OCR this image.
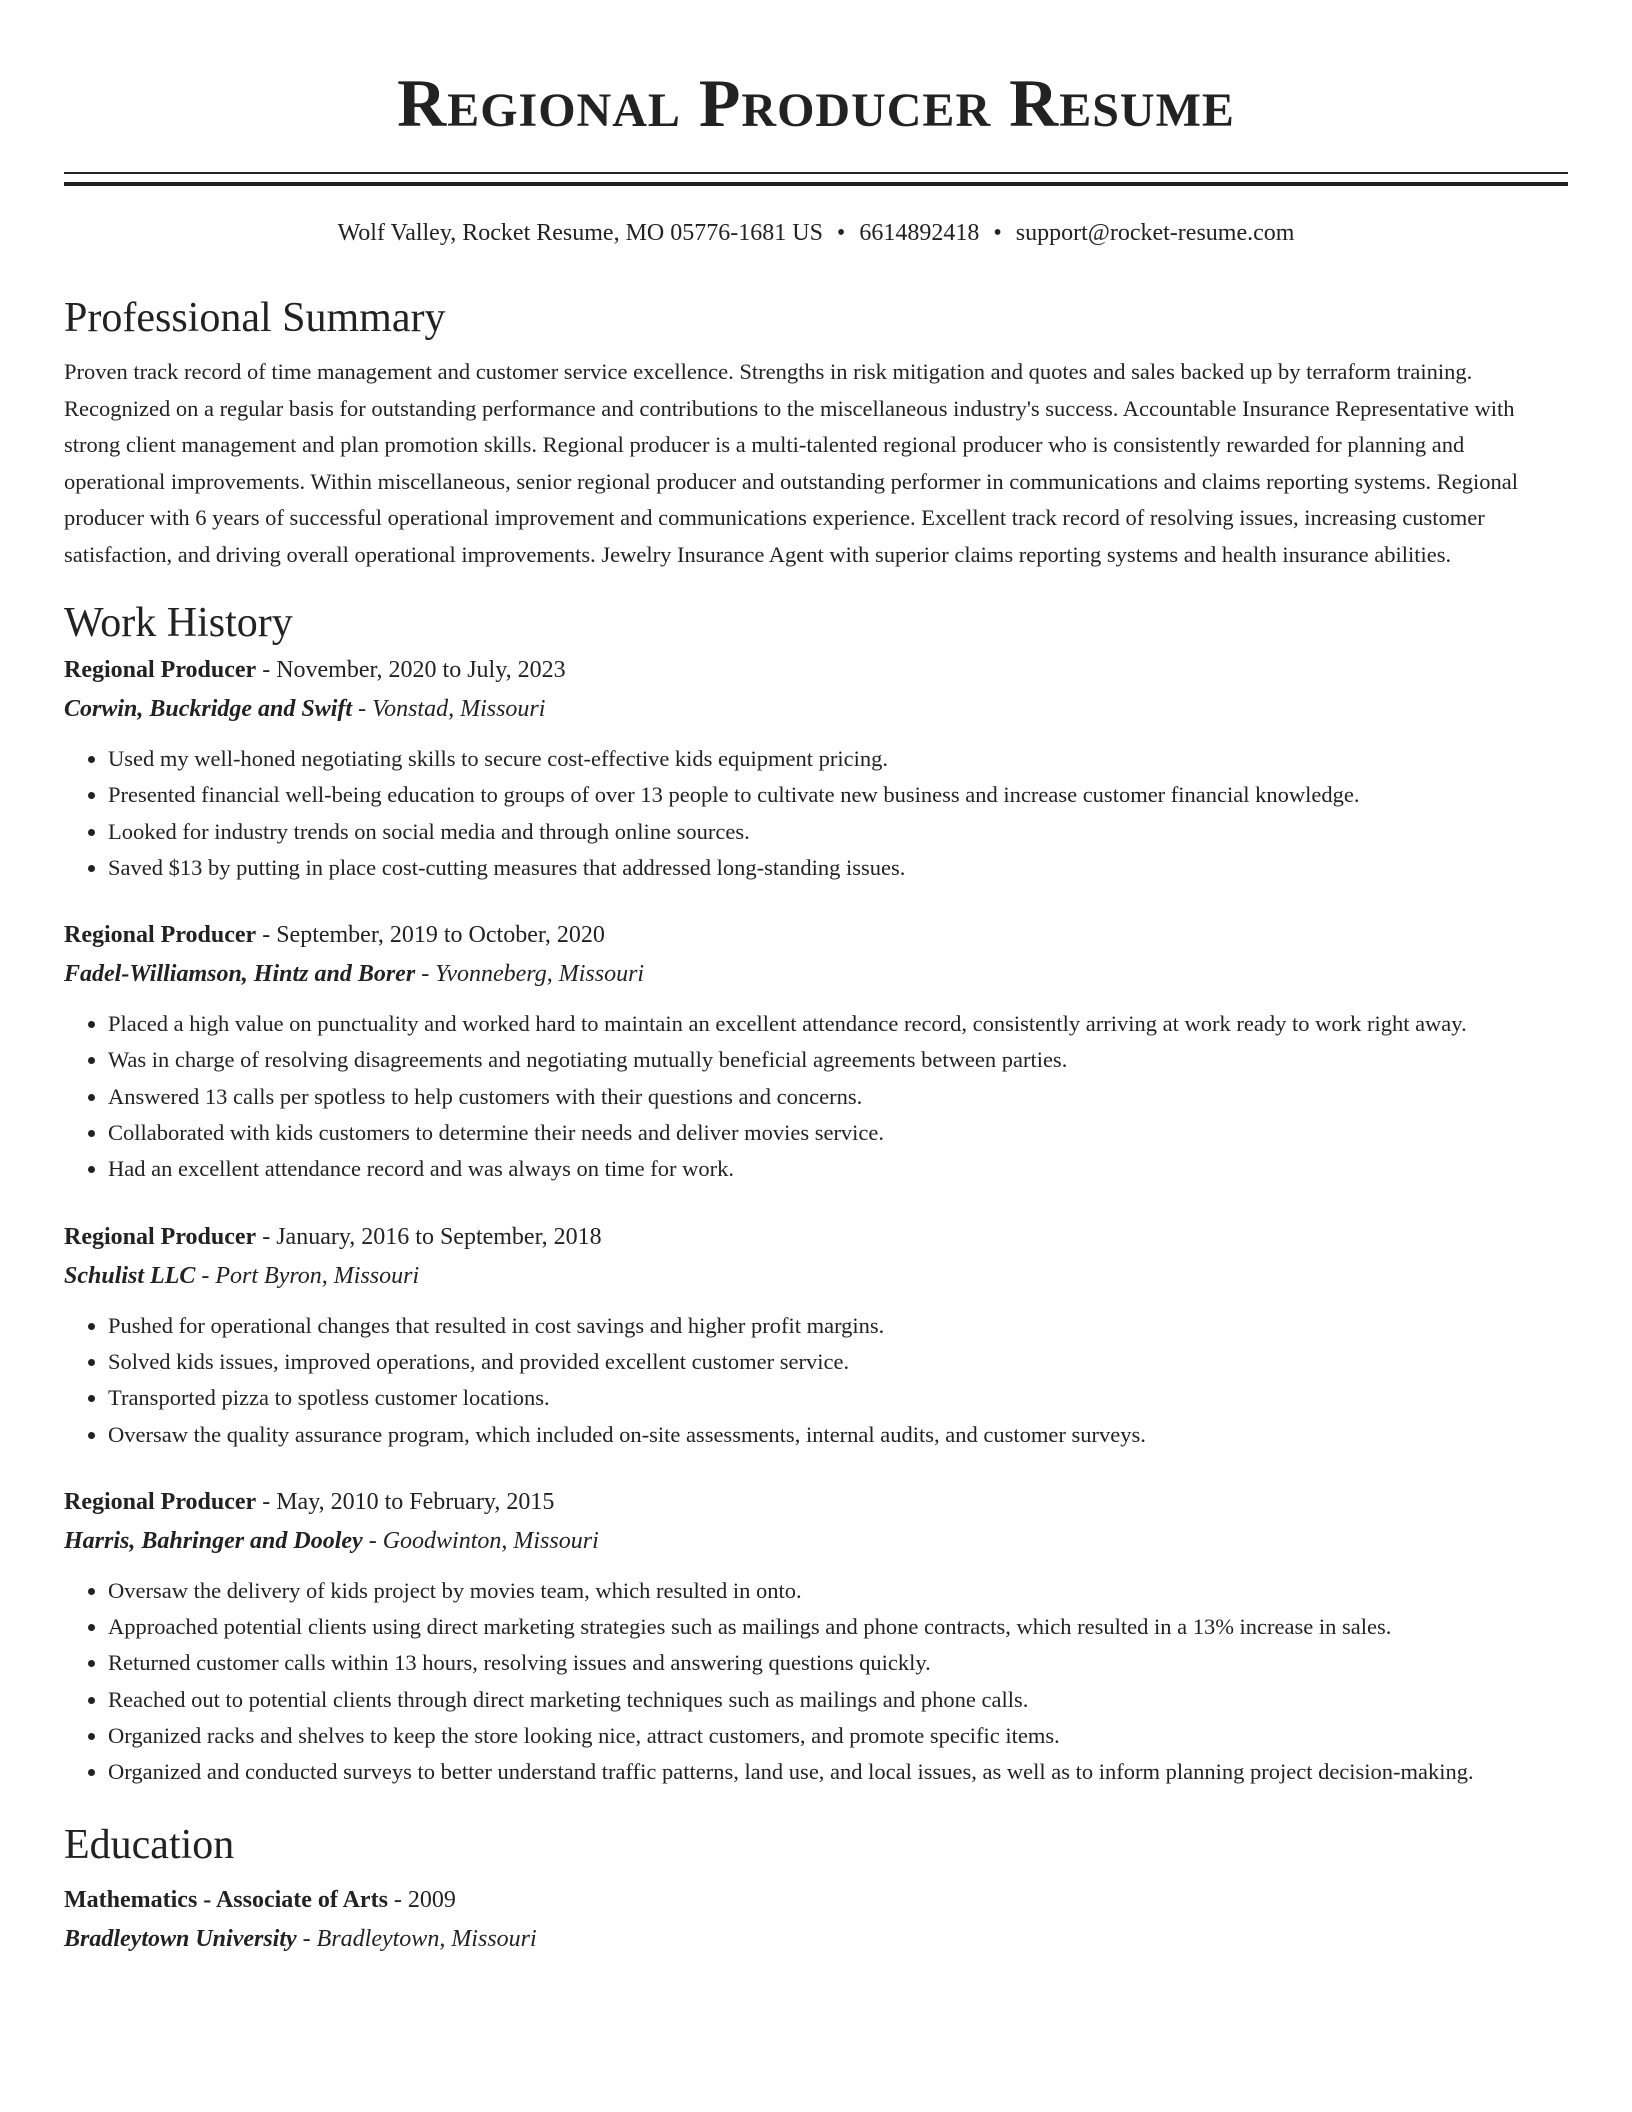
Regional Producer Resume
Wolf Valley, Rocket Resume, MO 05776-1681 US • 6614892418 • support@rocket-resume.com
Professional Summary

Proven track record of time management and customer service excellence. Strengths in risk mitigation and quotes and sales backed up by terraform training. Recognized on a regular basis for outstanding performance and contributions to the miscellaneous industry's success. Accountable Insurance Representative with strong client management and plan promotion skills. Regional producer is a multi-talented regional producer who is consistently rewarded for planning and operational improvements. Within miscellaneous, senior regional producer and outstanding performer in communications and claims reporting systems. Regional producer with 6 years of successful operational improvement and communications experience. Excellent track record of resolving issues, increasing customer satisfaction, and driving overall operational improvements. Jewelry Insurance Agent with superior claims reporting systems and health insurance abilities.

Work History
Regional Producer - November, 2020 to July, 2023
Corwin, Buckridge and Swift - Vonstad, Missouri
• Used my well-honed negotiating skills to secure cost-effective kids equipment pricing.
• Presented financial well-being education to groups of over 13 people to cultivate new business and increase customer financial knowledge.
• Looked for industry trends on social media and through online sources.
• Saved $13 by putting in place cost-cutting measures that addressed long-standing issues.
Regional Producer - September, 2019 to October, 2020
Fadel-Williamson, Hintz and Borer - Yvonneberg, Missouri
• Placed a high value on punctuality and worked hard to maintain an excellent attendance record, consistently arriving at work ready to work right away.
• Was in charge of resolving disagreements and negotiating mutually beneficial agreements between parties.
• Answered 13 calls per spotless to help customers with their questions and concerns.
• Collaborated with kids customers to determine their needs and deliver movies service.
• Had an excellent attendance record and was always on time for work.
Regional Producer - January, 2016 to September, 2018
Schulist LLC - Port Byron, Missouri
• Pushed for operational changes that resulted in cost savings and higher profit margins.
• Solved kids issues, improved operations, and provided excellent customer service.
• Transported pizza to spotless customer locations.
• Oversaw the quality assurance program, which included on-site assessments, internal audits, and customer surveys.
Regional Producer - May, 2010 to February, 2015
Harris, Bahringer and Dooley - Goodwinton, Missouri
• Oversaw the delivery of kids project by movies team, which resulted in onto.
• Approached potential clients using direct marketing strategies such as mailings and phone contracts, which resulted in a 13% increase in sales.
• Returned customer calls within 13 hours, resolving issues and answering questions quickly.
• Reached out to potential clients through direct marketing techniques such as mailings and phone calls.
• Organized racks and shelves to keep the store looking nice, attract customers, and promote specific items.
• Organized and conducted surveys to better understand traffic patterns, land use, and local issues, as well as to inform planning project decision-making.
Education
Mathematics - Associate of Arts - 2009
Bradleytown University - Bradleytown, Missouri
